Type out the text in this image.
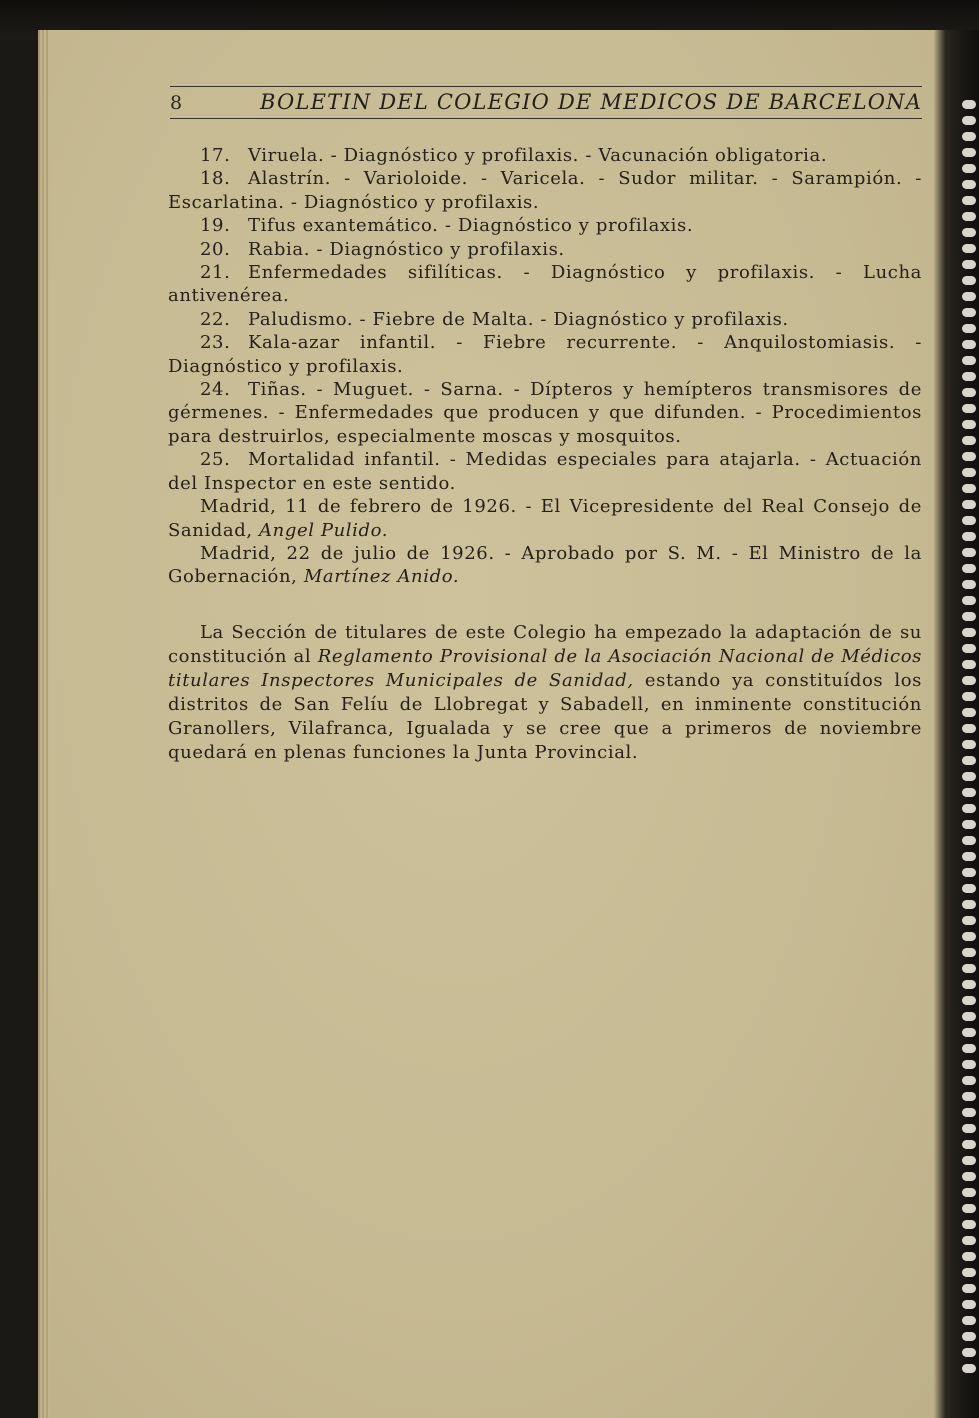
8	BOLETIN DEL COLEGIO DE MEDICOS DE BARCELONA

17. Viruela. - Diagnóstico y profilaxis. - Vacunación obligatoria.

18. Alastrín. - Varioloide. - Varicela. - Sudor militar. - Sarampión. - Escarlatina. - Diagnóstico y profilaxis.

19. Tifus exantemático. - Diagnóstico y profilaxis.

20. Rabia. - Diagnóstico y profilaxis.

21. Enfermedades sifilíticas. - Diagnóstico y profilaxis. - Lucha antivenérea.

22. Paludismo. - Fiebre de Malta. - Diagnóstico y profilaxis.

23. Kala-azar infantil. - Fiebre recurrente. - Anquilostomiasis. - Diagnóstico y profilaxis.

24. Tiñas. - Muguet. - Sarna. - Dípteros y hemípteros transmisores de gérmenes. - Enfermedades que producen y que difunden. - Procedimientos para destruirlos, especialmente moscas y mosquitos.

25. Mortalidad infantil. - Medidas especiales para atajarla. - Actuación del Inspector en este sentido.

Madrid, 11 de febrero de 1926. - El Vicepresidente del Real Consejo de Sanidad, Angel Pulido.

Madrid, 22 de julio de 1926. - Aprobado por S. M. - El Ministro de la Gobernación, Martínez Anido.

La Sección de titulares de este Colegio ha empezado la adaptación de su constitución al Reglamento Provisional de la Asociación Nacional de Médicos titulares Inspectores Municipales de Sanidad, estando ya constituídos los distritos de San Felíu de Llobregat y Sabadell, en inminente constitución Granollers, Vilafranca, Igualada y se cree que a primeros de noviembre quedará en plenas funciones la Junta Provincial.
